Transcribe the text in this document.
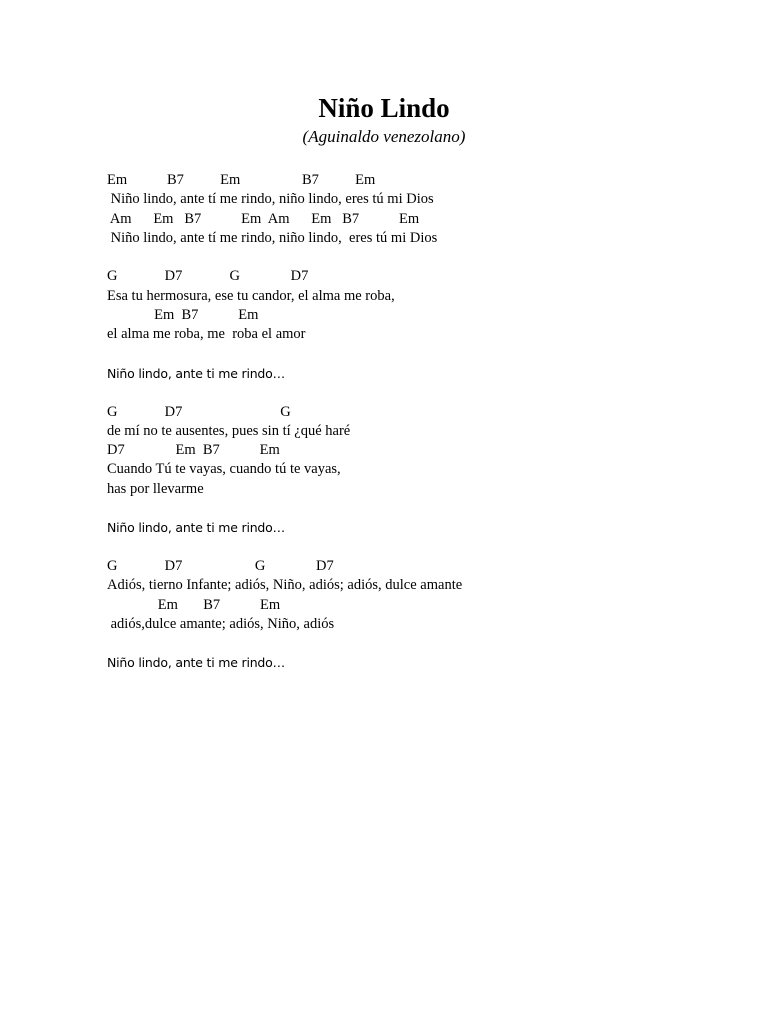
Niño Lindo
(Aguinaldo venezolano)
Em           B7          Em                 B7          Em
Niño lindo, ante tí me rindo, niño lindo, eres tú mi Dios
Am      Em   B7           Em  Am      Em   B7           Em
Niño lindo, ante tí me rindo, niño lindo,  eres tú mi Dios
G             D7             G              D7
Esa tu hermosura, ese tu candor, el alma me roba,
Em  B7           Em
el alma me roba, me  roba el amor
Niño lindo, ante ti me rindo…
G             D7                           G
de mí no te ausentes, pues sin tí ¿qué haré
D7              Em  B7           Em
Cuando Tú te vayas, cuando tú te vayas,
has por llevarme
Niño lindo, ante ti me rindo…
G             D7                    G              D7
Adiós, tierno Infante; adiós, Niño, adiós; adiós, dulce amante
Em       B7           Em
adiós,dulce amante; adiós, Niño, adiós
Niño lindo, ante ti me rindo…
